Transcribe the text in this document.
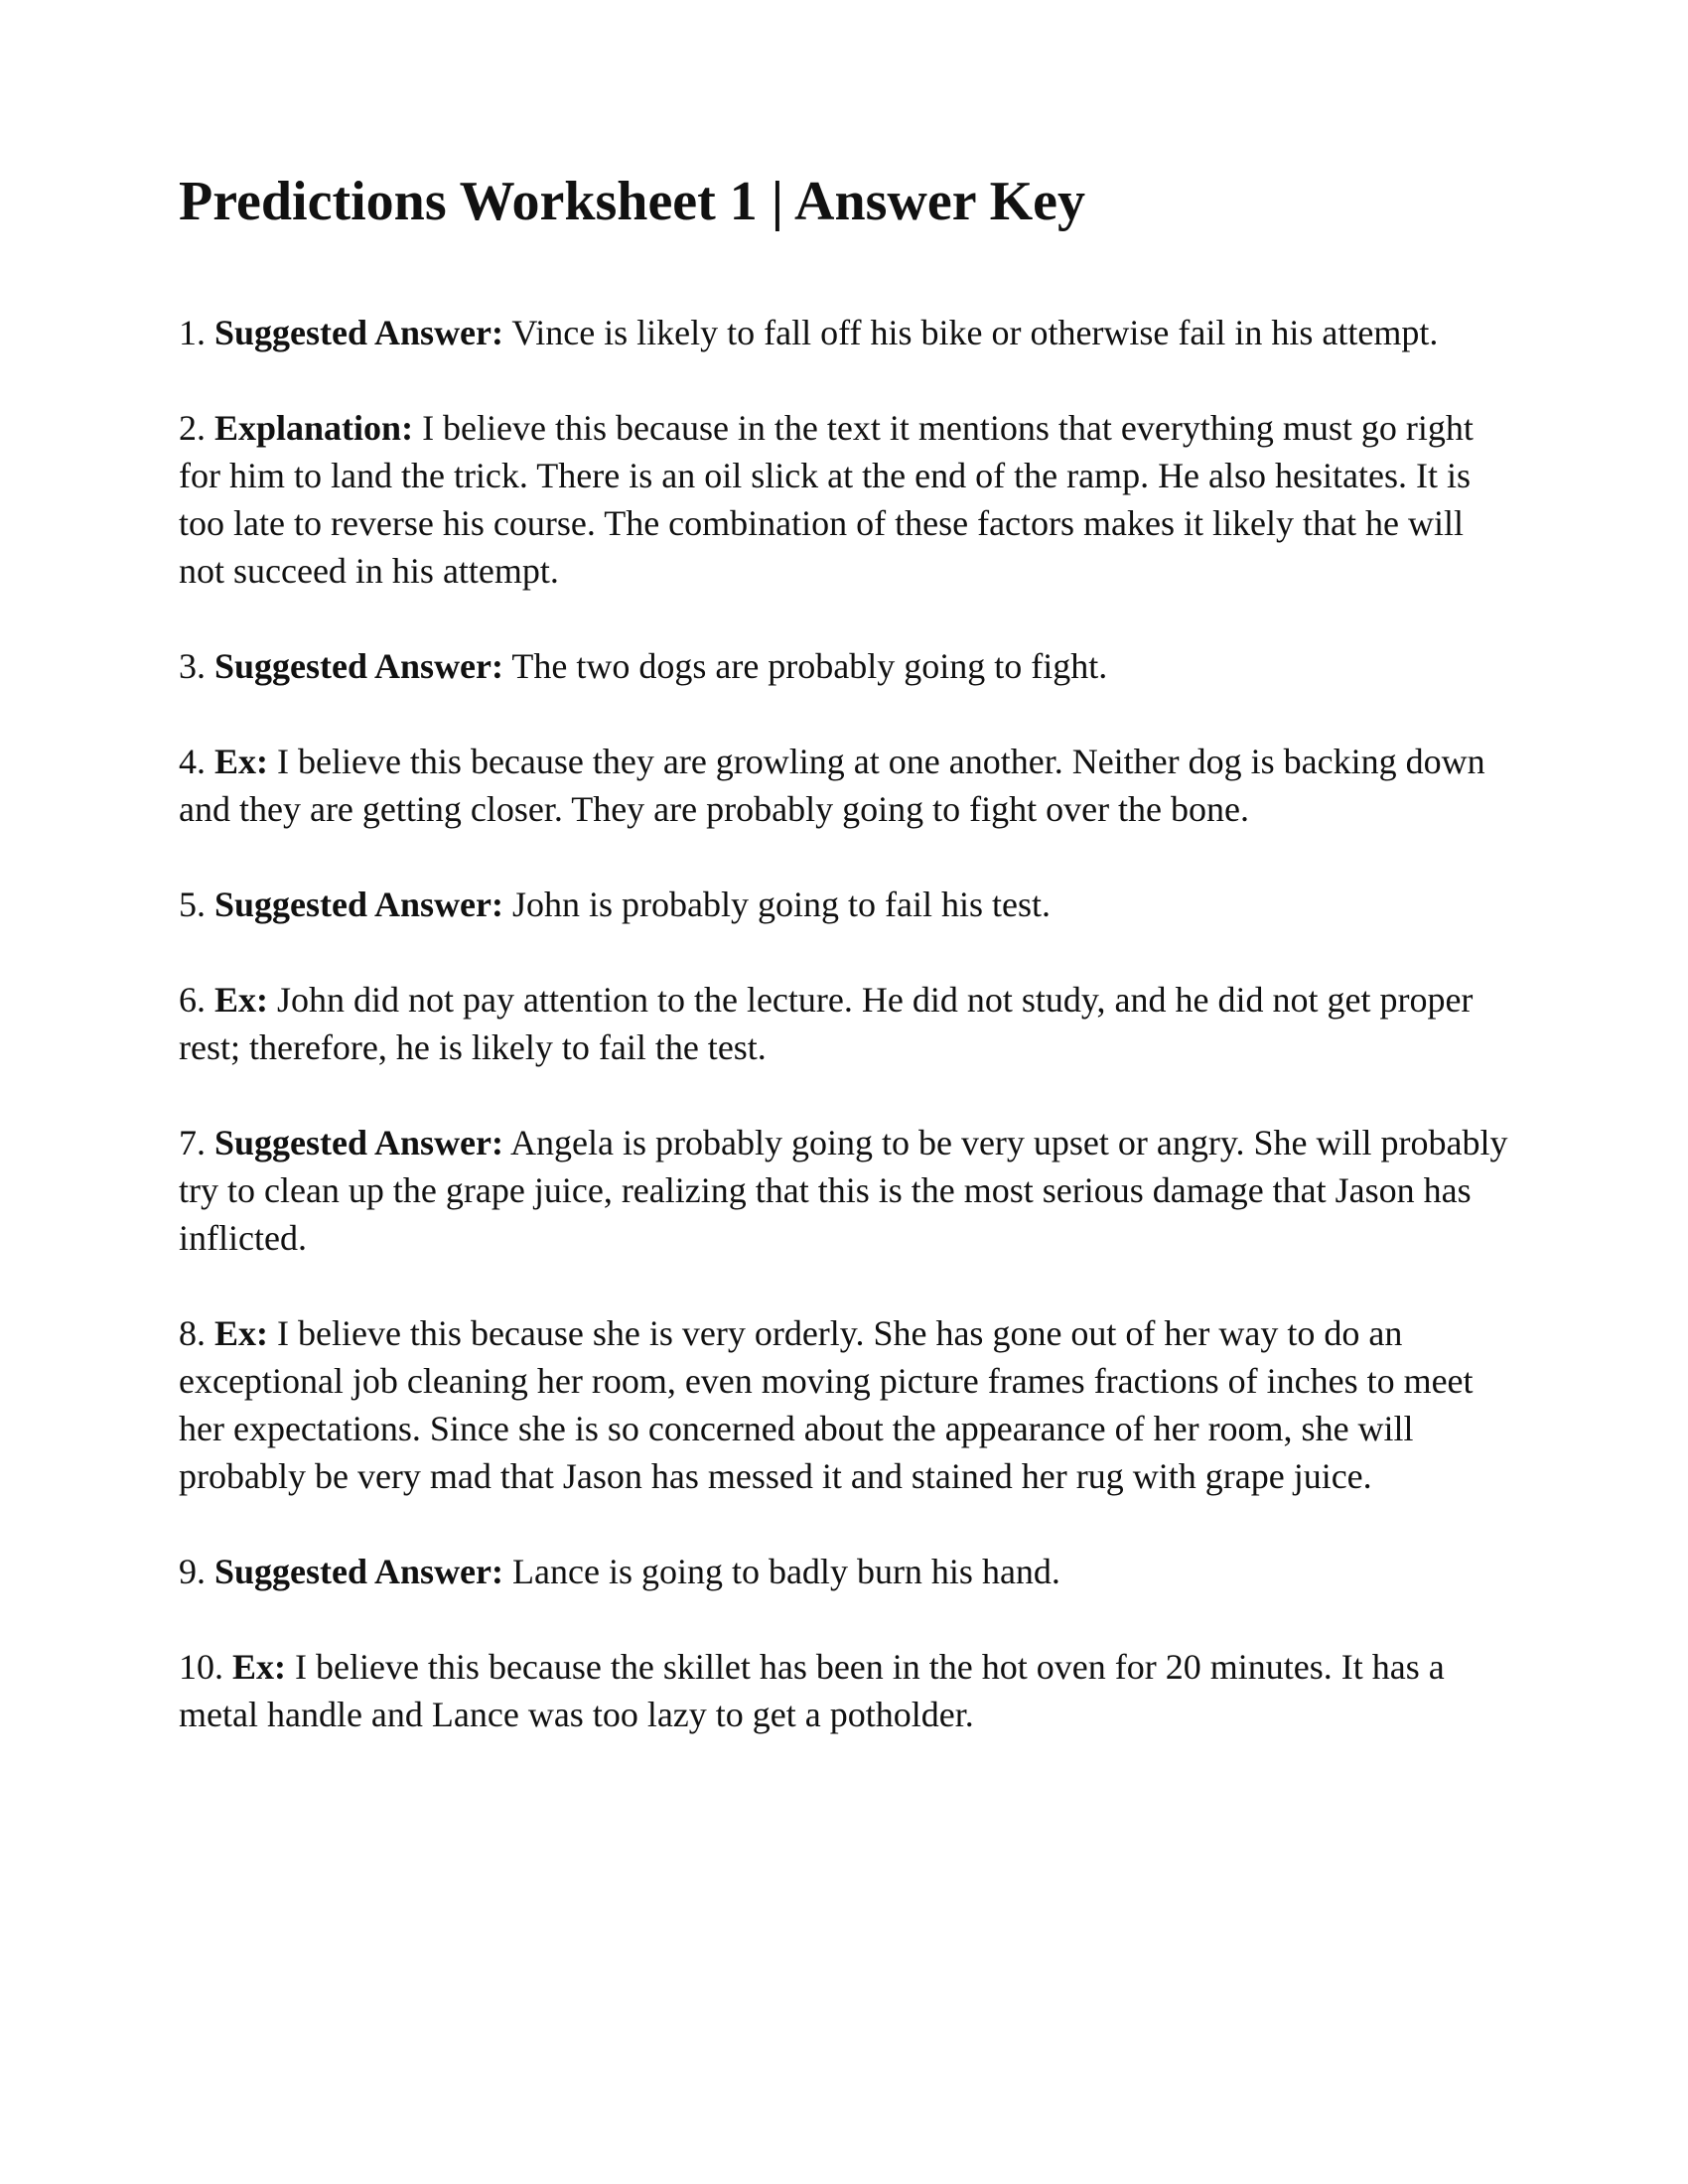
Predictions Worksheet 1 | Answer Key

1. Suggested Answer: Vince is likely to fall off his bike or otherwise fail in his attempt.

2. Explanation: I believe this because in the text it mentions that everything must go right for him to land the trick. There is an oil slick at the end of the ramp. He also hesitates. It is too late to reverse his course. The combination of these factors makes it likely that he will not succeed in his attempt.

3. Suggested Answer: The two dogs are probably going to fight.

4. Ex: I believe this because they are growling at one another. Neither dog is backing down and they are getting closer. They are probably going to fight over the bone.

5. Suggested Answer: John is probably going to fail his test.

6. Ex: John did not pay attention to the lecture. He did not study, and he did not get proper rest; therefore, he is likely to fail the test.

7. Suggested Answer: Angela is probably going to be very upset or angry. She will probably try to clean up the grape juice, realizing that this is the most serious damage that Jason has inflicted.

8. Ex: I believe this because she is very orderly. She has gone out of her way to do an exceptional job cleaning her room, even moving picture frames fractions of inches to meet her expectations. Since she is so concerned about the appearance of her room, she will probably be very mad that Jason has messed it and stained her rug with grape juice.

9. Suggested Answer: Lance is going to badly burn his hand.

10. Ex: I believe this because the skillet has been in the hot oven for 20 minutes. It has a metal handle and Lance was too lazy to get a potholder.
